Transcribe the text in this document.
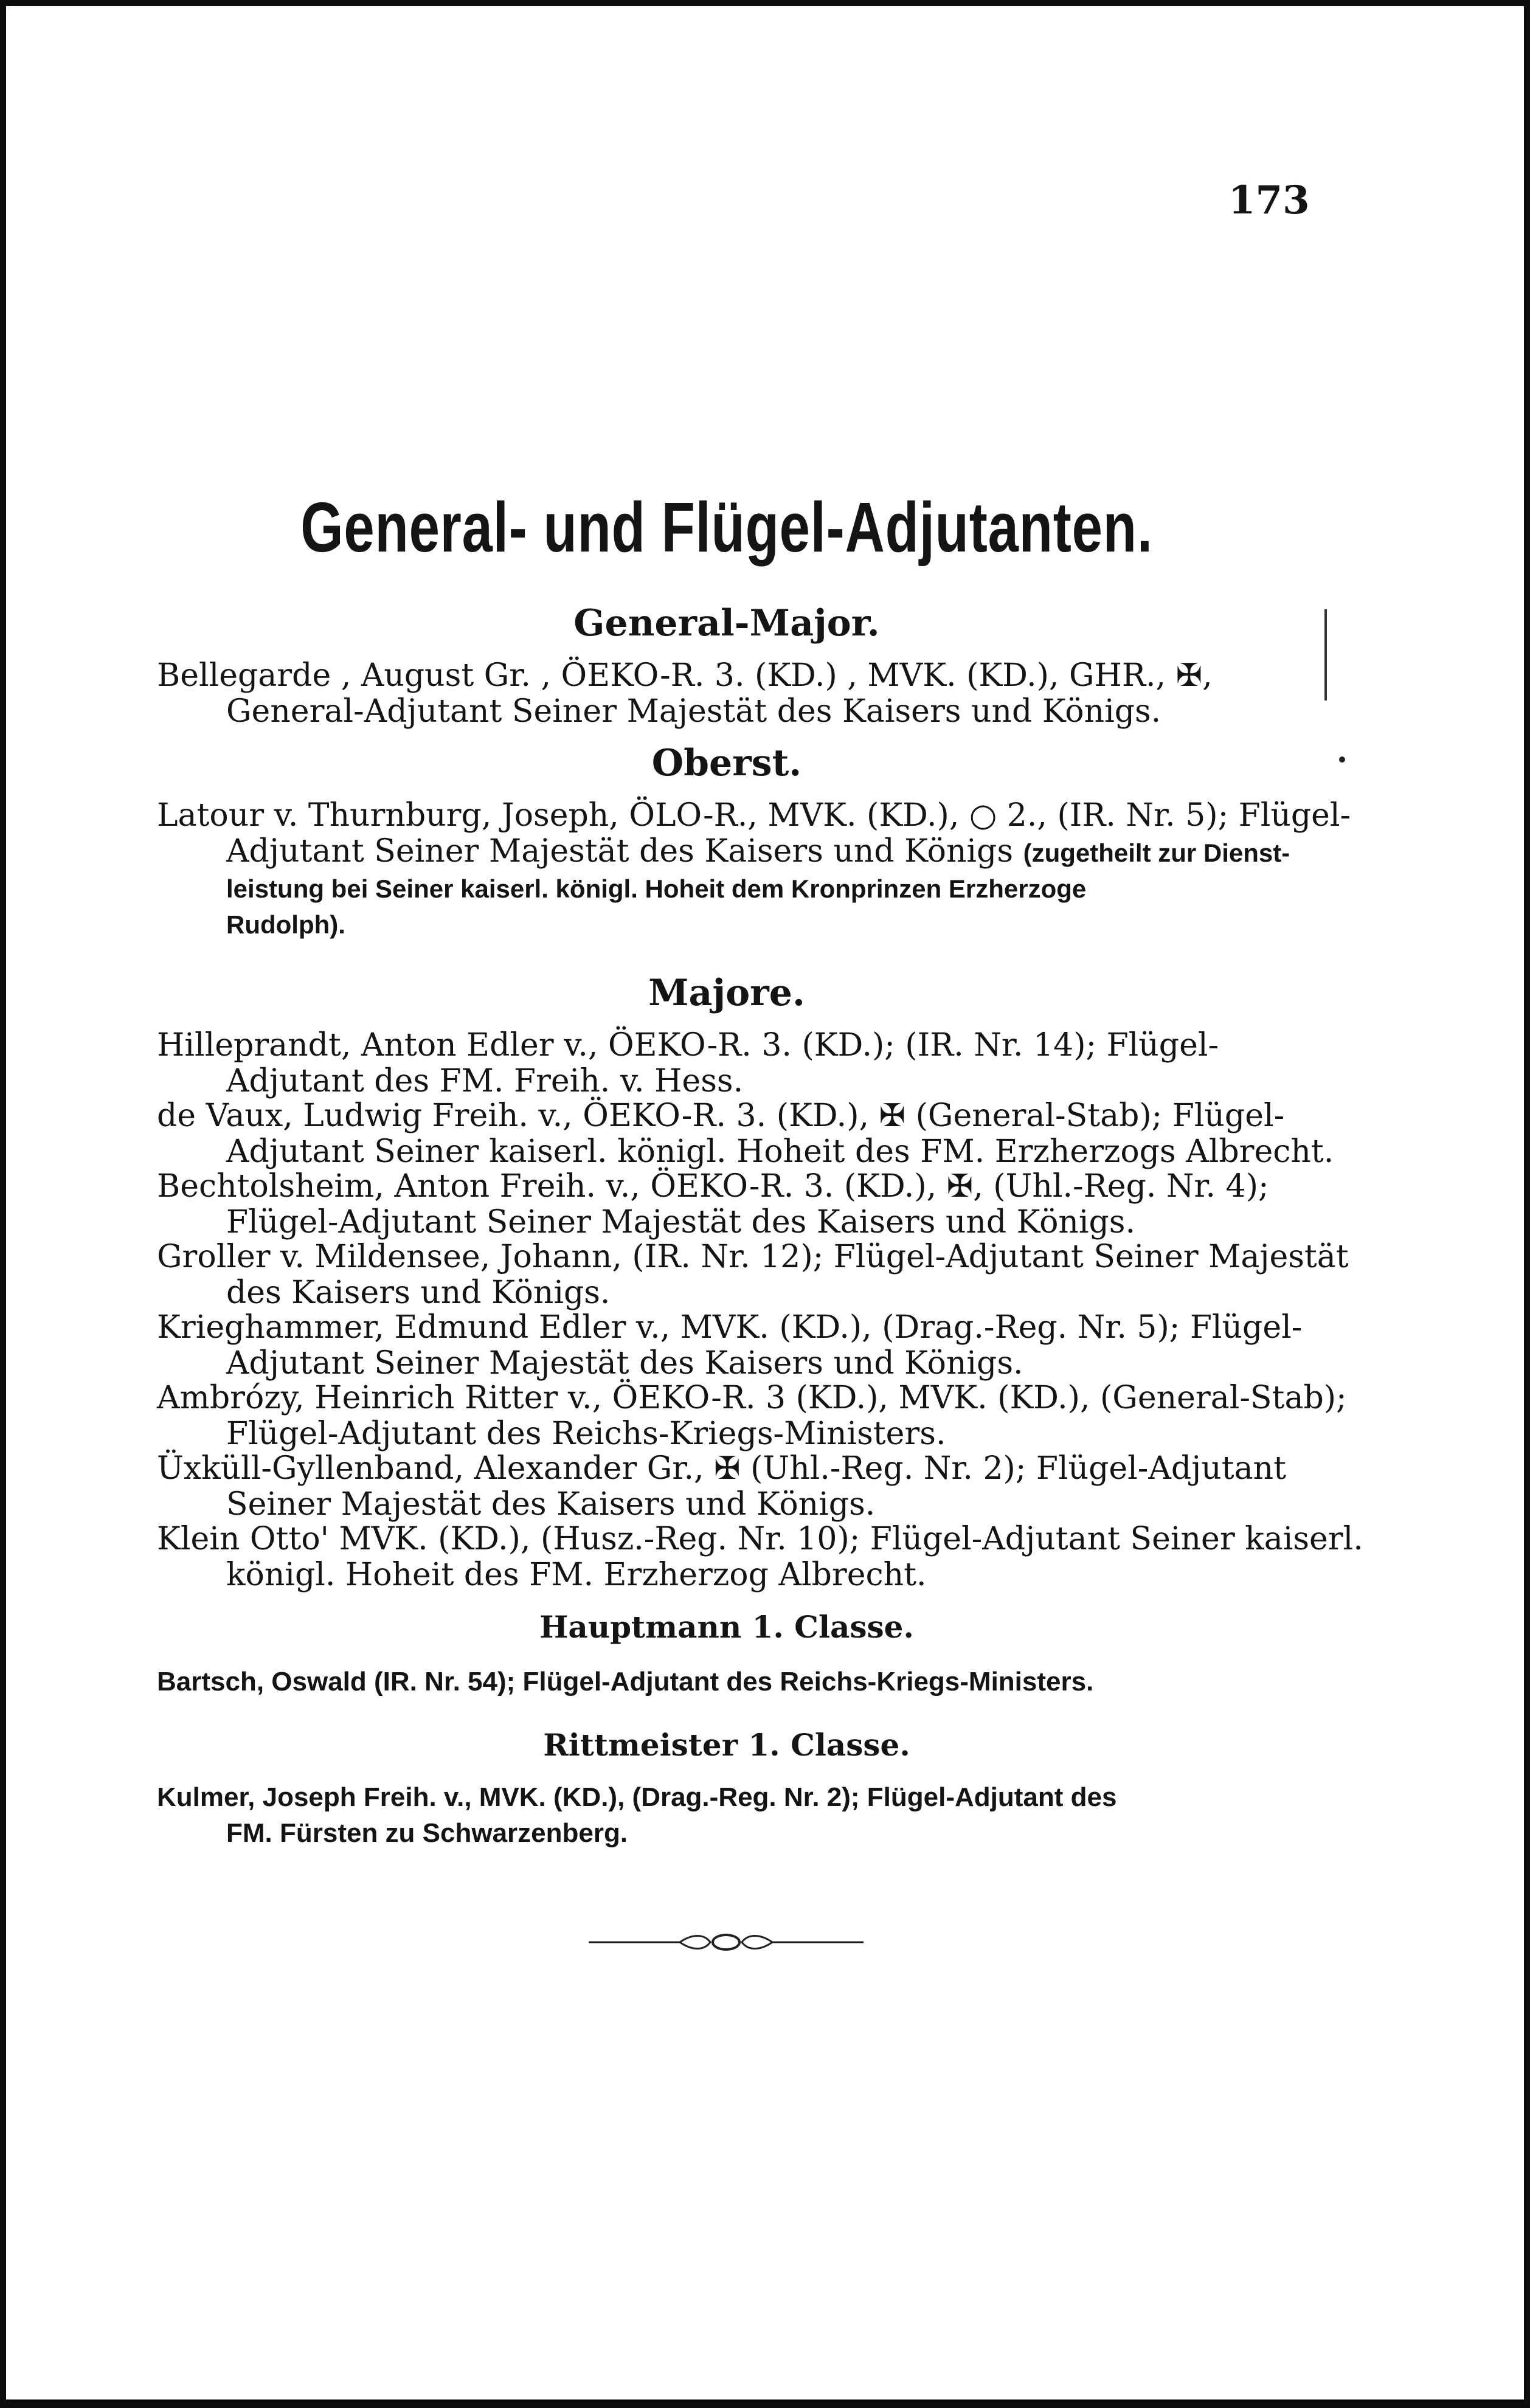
173
General- und Flügel-Adjutanten.
General-Major.
Bellegarde , August Gr. , ÖEKO-R. 3. (KD.) , MVK. (KD.), GHR., ✠,
General-Adjutant Seiner Majestät des Kaisers und Königs.
Oberst.
Latour v. Thurnburg, Joseph, ÖLO-R., MVK. (KD.), ○ 2., (IR. Nr. 5); Flügel-
Adjutant Seiner Majestät des Kaisers und Königs (zugetheilt zur Dienst-
leistung bei Seiner kaiserl. königl. Hoheit dem Kronprinzen Erzherzoge
Rudolph).
Majore.
Hilleprandt, Anton Edler v., ÖEKO-R. 3. (KD.); (IR. Nr. 14); Flügel-
Adjutant des FM. Freih. v. Hess.
de Vaux, Ludwig Freih. v., ÖEKO-R. 3. (KD.), ✠ (General-Stab); Flügel-
Adjutant Seiner kaiserl. königl. Hoheit des FM. Erzherzogs Albrecht.
Bechtolsheim, Anton Freih. v., ÖEKO-R. 3. (KD.), ✠, (Uhl.-Reg. Nr. 4);
Flügel-Adjutant Seiner Majestät des Kaisers und Königs.
Groller v. Mildensee, Johann, (IR. Nr. 12); Flügel-Adjutant Seiner Majestät
des Kaisers und Königs.
Krieghammer, Edmund Edler v., MVK. (KD.), (Drag.-Reg. Nr. 5); Flügel-
Adjutant Seiner Majestät des Kaisers und Königs.
Ambrózy, Heinrich Ritter v., ÖEKO-R. 3 (KD.), MVK. (KD.), (General-Stab);
Flügel-Adjutant des Reichs-Kriegs-Ministers.
Üxküll-Gyllenband, Alexander Gr., ✠ (Uhl.-Reg. Nr. 2); Flügel-Adjutant
Seiner Majestät des Kaisers und Königs.
Klein Otto' MVK. (KD.), (Husz.-Reg. Nr. 10); Flügel-Adjutant Seiner kaiserl.
königl. Hoheit des FM. Erzherzog Albrecht.
Hauptmann 1. Classe.
Bartsch, Oswald (IR. Nr. 54); Flügel-Adjutant des Reichs-Kriegs-Ministers.
Rittmeister 1. Classe.
Kulmer, Joseph Freih. v., MVK. (KD.), (Drag.-Reg. Nr. 2); Flügel-Adjutant des
FM. Fürsten zu Schwarzenberg.
